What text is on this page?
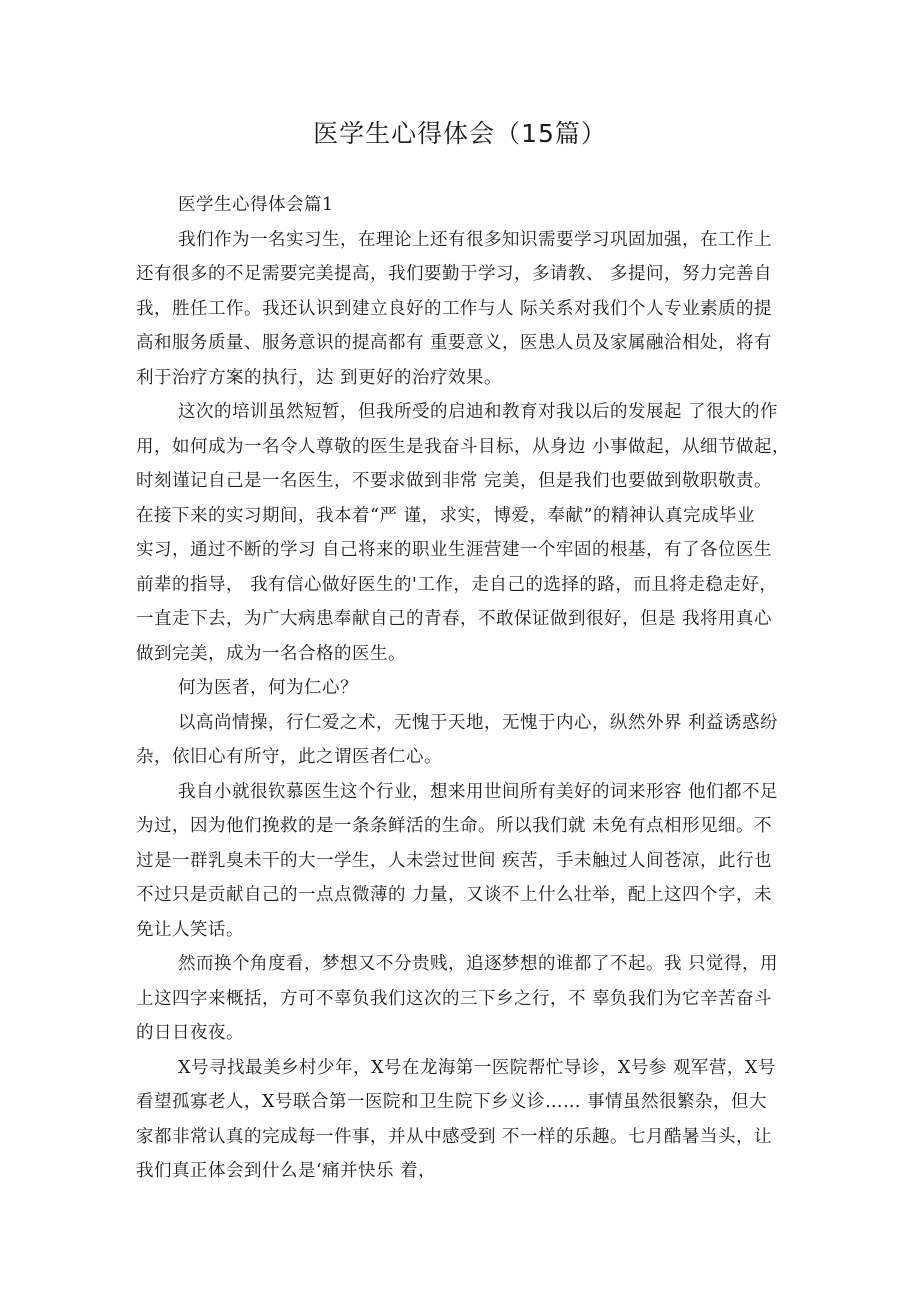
医学生心得体会（15篇）
医学生心得体会篇1
我们作为一名实习生，在理论上还有很多知识需要学习巩固加强，在工作上
还有很多的不足需要完美提高，我们要勤于学习，多请教、 多提问，努力完善自
我，胜任工作。我还认识到建立良好的工作与人 际关系对我们个人专业素质的提
高和服务质量、服务意识的提高都有 重要意义，医患人员及家属融洽相处，将有
利于治疗方案的执行，达 到更好的治疗效果。
这次的培训虽然短暂，但我所受的启迪和教育对我以后的发展起 了很大的作
用，如何成为一名令人尊敬的医生是我奋斗目标，从身边 小事做起，从细节做起，
时刻谨记自己是一名医生，不要求做到非常 完美，但是我们也要做到敬职敬责。
在接下来的实习期间，我本着“严 谨，求实，博爱，奉献”的精神认真完成毕业
实习，通过不断的学习 自己将来的职业生涯营建一个牢固的根基，有了各位医生
前辈的指导， 我有信心做好医生的'工作，走自己的选择的路，而且将走稳走好，
一直走下去，为广大病患奉献自己的青春，不敢保证做到很好，但是 我将用真心
做到完美，成为一名合格的医生。
何为医者，何为仁心？
以高尚情操，行仁爱之术，无愧于天地，无愧于内心，纵然外界 利益诱惑纷
杂，依旧心有所守，此之谓医者仁心。
我自小就很钦慕医生这个行业，想来用世间所有美好的词来形容 他们都不足
为过，因为他们挽救的是一条条鲜活的生命。所以我们就 未免有点相形见细。不
过是一群乳臭未干的大一学生，人未尝过世间 疾苦，手未触过人间苍凉，此行也
不过只是贡献自己的一点点微薄的 力量，又谈不上什么壮举，配上这四个字，未
免让人笑话。
然而换个角度看，梦想又不分贵贱，追逐梦想的谁都了不起。我 只觉得，用
上这四字来概括，方可不辜负我们这次的三下乡之行，不 辜负我们为它辛苦奋斗
的日日夜夜。
X号寻找最美乡村少年，X号在龙海第一医院帮忙导诊，X号参 观军营，X号
看望孤寡老人，X号联合第一医院和卫生院下乡义诊…… 事情虽然很繁杂，但大
家都非常认真的完成每一件事，并从中感受到 不一样的乐趣。七月酷暑当头，让
我们真正体会到什么是‘痛并快乐 着，
